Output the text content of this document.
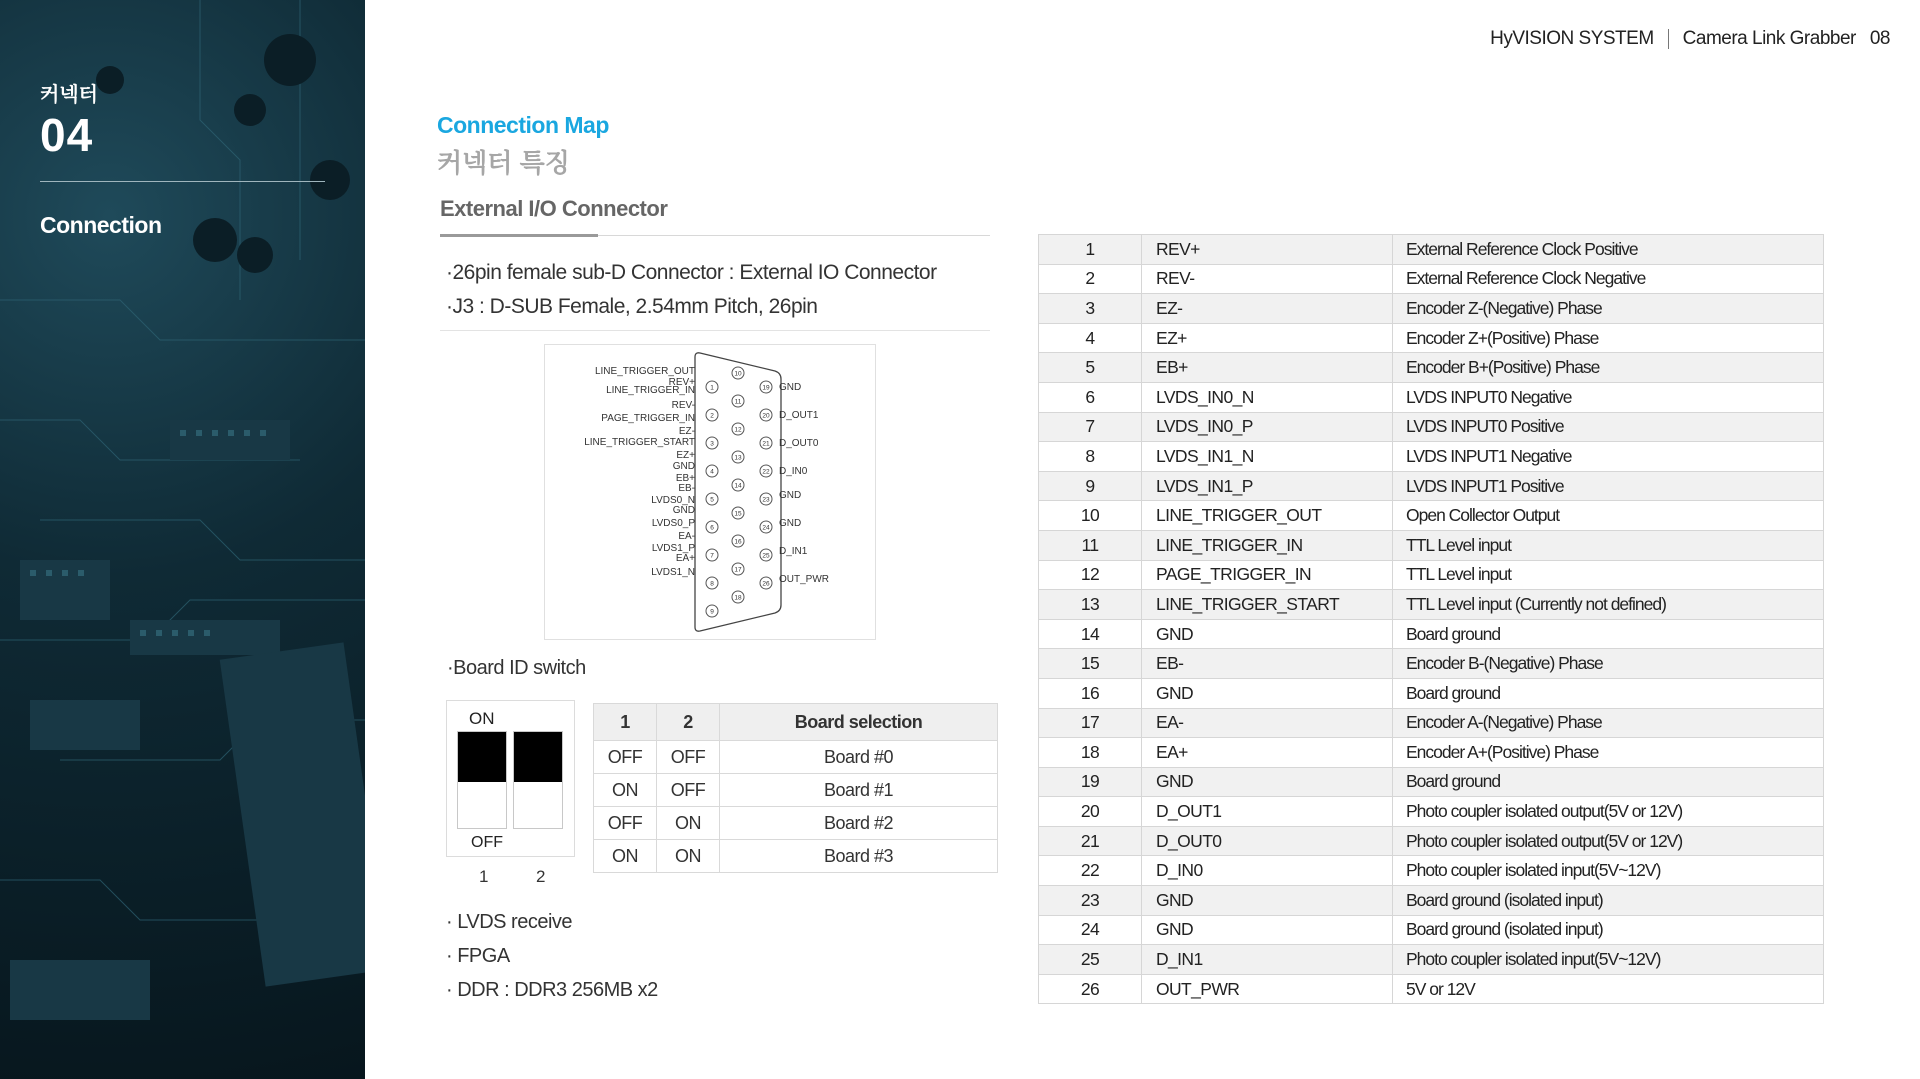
커넥터
04
Connection
HyVISION SYSTEM Camera Link Grabber 08
Connection Map
커넥터 특징
External I/O Connector
·26pin female sub-D Connector : External IO Connector
·J3 : D-SUB Female, 2.54mm Pitch, 26pin
LINE_TRIGGER_OUT
REV+
LINE_TRIGGER_IN
REV-
PAGE_TRIGGER_IN
EZ-
LINE_TRIGGER_START
EZ+
GND
EB+
EB-
LVDS0_N
GND
LVDS0_P
EA-
LVDS1_P
EA+
LVDS1_N
GND
D_OUT1
D_OUT0
D_IN0
GND
GND
D_IN1
OUT_PWR
1
2
3
4
5
6
7
8
9
10
11
12
13
14
15
16
17
18
19
20
21
22
23
24
25
26
·Board ID switch
ON
OFF
1	2
1	2	Board selection
OFF	OFF	Board #0
ON	OFF	Board #1
OFF	ON	Board #2
ON	ON	Board #3
· LVDS receive
· FPGA
· DDR : DDR3 256MB x2
1	REV+	External Reference Clock Positive
2	REV-	External Reference Clock Negative
3	EZ-	Encoder Z-(Negative) Phase
4	EZ+	Encoder Z+(Positive) Phase
5	EB+	Encoder B+(Positive) Phase
6	LVDS_IN0_N	LVDS INPUT0 Negative
7	LVDS_IN0_P	LVDS INPUT0 Positive
8	LVDS_IN1_N	LVDS INPUT1 Negative
9	LVDS_IN1_P	LVDS INPUT1 Positive
10	LINE_TRIGGER_OUT	Open Collector Output
11	LINE_TRIGGER_IN	TTL Level input
12	PAGE_TRIGGER_IN	TTL Level input
13	LINE_TRIGGER_START	TTL Level input (Currently not defined)
14	GND	Board ground
15	EB-	Encoder B-(Negative) Phase
16	GND	Board ground
17	EA-	Encoder A-(Negative) Phase
18	EA+	Encoder A+(Positive) Phase
19	GND	Board ground
20	D_OUT1	Photo coupler isolated output(5V or 12V)
21	D_OUT0	Photo coupler isolated output(5V or 12V)
22	D_IN0	Photo coupler isolated input(5V~12V)
23	GND	Board ground (isolated input)
24	GND	Board ground (isolated input)
25	D_IN1	Photo coupler isolated input(5V~12V)
26	OUT_PWR	5V or 12V
